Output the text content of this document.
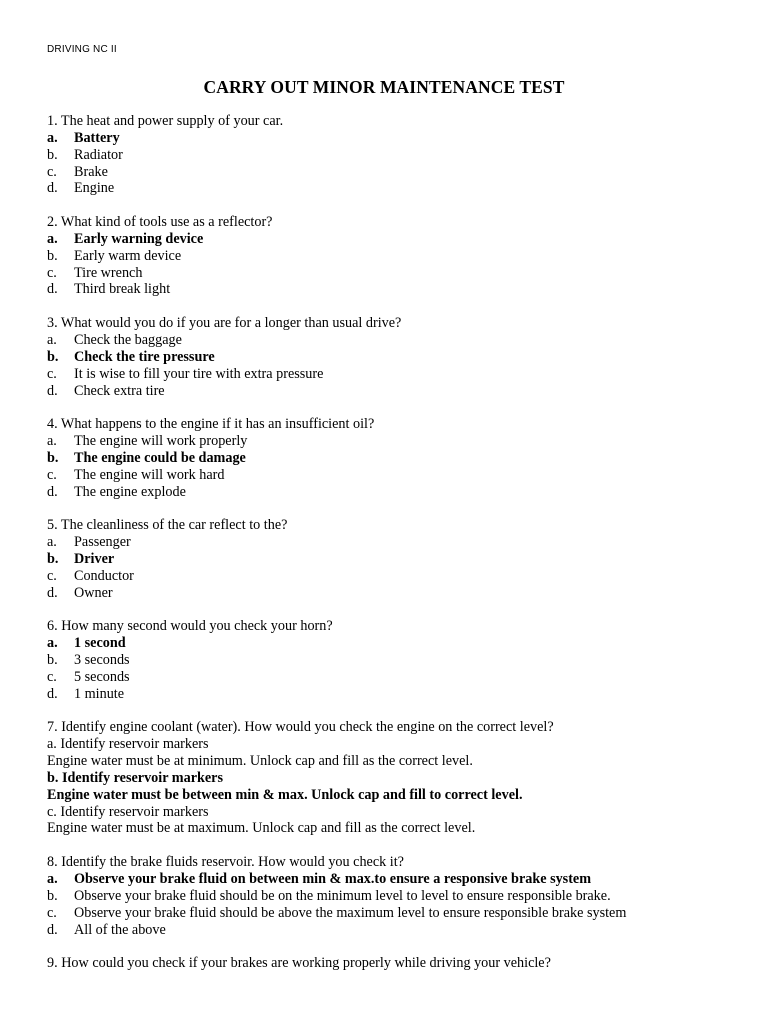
DRIVING NC II
CARRY OUT MINOR MAINTENANCE TEST

1. The heat and power supply of your car.

a.	Battery
b.	Radiator
c.	Brake
d.	Engine

2. What kind of tools use as a reflector?

a.	Early warning device
b.	Early warm device
c.	Tire wrench
d.	Third break light

3. What would you do if you are for a longer than usual drive?

a.	Check the baggage
b.	Check the tire pressure
c.	It is wise to fill your tire with extra pressure
d.	Check extra tire

4. What happens to the engine if it has an insufficient oil?

a.	The engine will work properly
b.	The engine could be damage
c.	The engine will work hard
d.	The engine explode

5. The cleanliness of the car reflect to the?

a.	Passenger
b.	Driver
c.	Conductor
d.	Owner

6. How many second would you check your horn?

a.	1 second
b.	3 seconds
c.	5 seconds
d.	1 minute

7. Identify engine coolant (water). How would you check the engine on the correct level?

a. Identify reservoir markers

Engine water must be at minimum. Unlock cap and fill as the correct level.

b. Identify reservoir markers

Engine water must be between min & max. Unlock cap and fill to correct level.

c. Identify reservoir markers

Engine water must be at maximum. Unlock cap and fill as the correct level.

8. Identify the brake fluids reservoir. How would you check it?

a.	Observe your brake fluid on between min & max.to ensure a responsive brake system
b.	Observe your brake fluid should be on the minimum level to level to ensure responsible brake.
c.	Observe your brake fluid should be above the maximum level to ensure responsible brake system
d.	All of the above

9. How could you check if your brakes are working properly while driving your vehicle?
